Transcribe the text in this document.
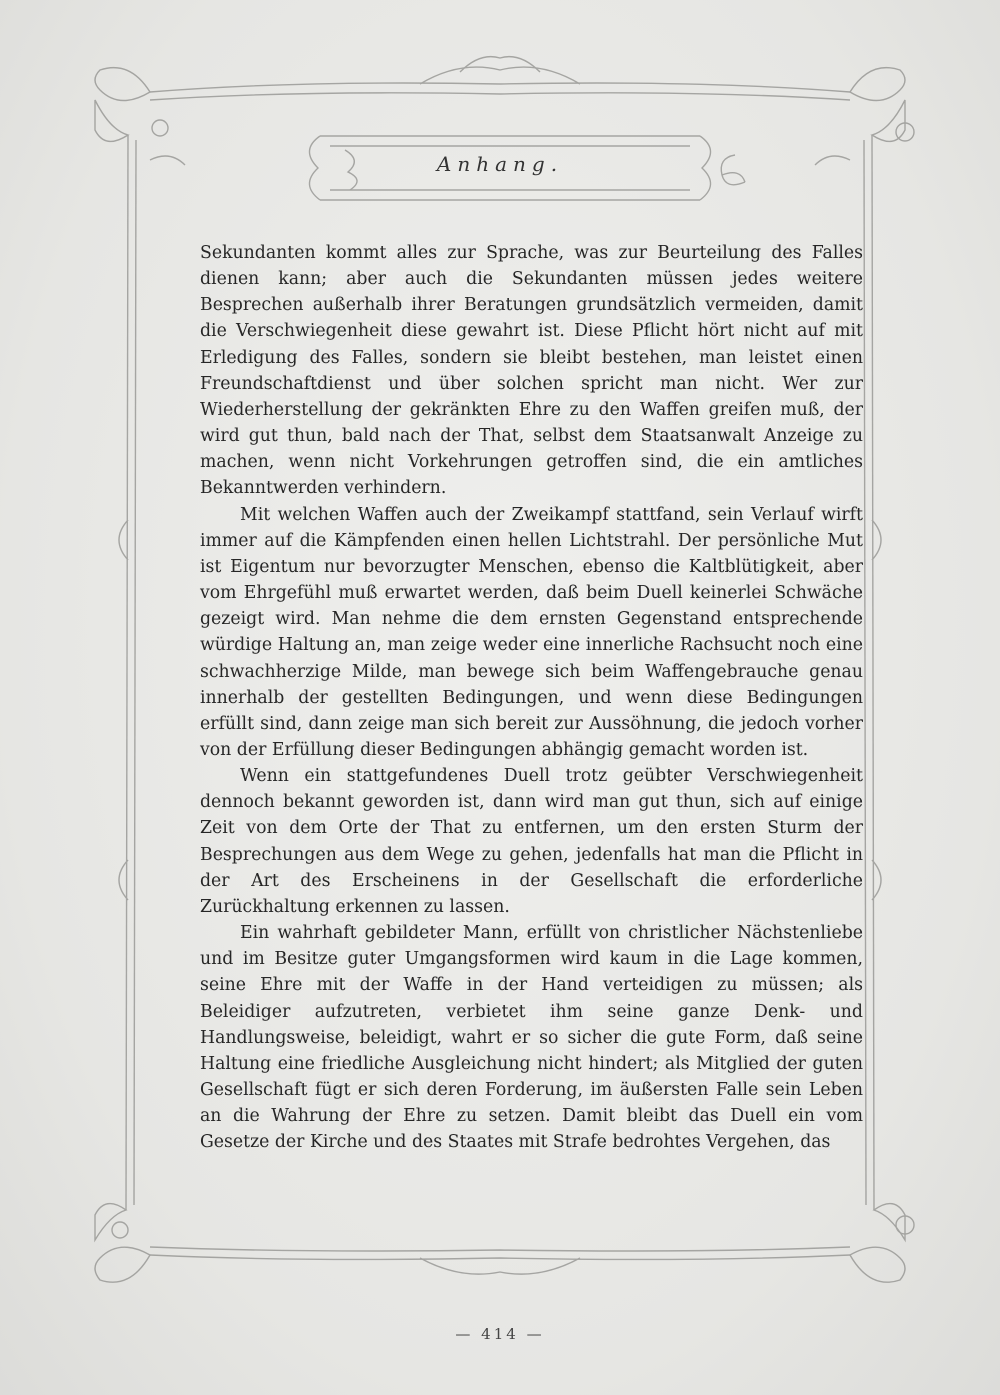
Anhang.

Sekundanten kommt alles zur Sprache, was zur Beurteilung des Falles dienen kann; aber auch die Sekundanten müssen jedes weitere Besprechen außerhalb ihrer Beratungen grundsätzlich vermeiden, damit die Verschwiegenheit diese gewahrt ist. Diese Pflicht hört nicht auf mit Erledigung des Falles, sondern sie bleibt bestehen, man leistet einen Freundschaftdienst und über solchen spricht man nicht. Wer zur Wiederherstellung der gekränkten Ehre zu den Waffen greifen muß, der wird gut thun, bald nach der That, selbst dem Staatsanwalt Anzeige zu machen, wenn nicht Vorkehrungen getroffen sind, die ein amtliches Bekanntwerden verhindern.

Mit welchen Waffen auch der Zweikampf stattfand, sein Verlauf wirft immer auf die Kämpfenden einen hellen Lichtstrahl. Der persönliche Mut ist Eigentum nur bevorzugter Menschen, ebenso die Kaltblütigkeit, aber vom Ehrgefühl muß erwartet werden, daß beim Duell keinerlei Schwäche gezeigt wird. Man nehme die dem ernsten Gegenstand entsprechende würdige Haltung an, man zeige weder eine innerliche Rachsucht noch eine schwachherzige Milde, man bewege sich beim Waffengebrauche genau innerhalb der gestellten Bedingungen, und wenn diese Bedingungen erfüllt sind, dann zeige man sich bereit zur Aussöhnung, die jedoch vorher von der Erfüllung dieser Bedingungen abhängig gemacht worden ist.

Wenn ein stattgefundenes Duell trotz geübter Verschwiegenheit dennoch bekannt geworden ist, dann wird man gut thun, sich auf einige Zeit von dem Orte der That zu entfernen, um den ersten Sturm der Besprechungen aus dem Wege zu gehen, jedenfalls hat man die Pflicht in der Art des Erscheinens in der Gesellschaft die erforderliche Zurückhaltung erkennen zu lassen.

Ein wahrhaft gebildeter Mann, erfüllt von christlicher Nächstenliebe und im Besitze guter Umgangsformen wird kaum in die Lage kommen, seine Ehre mit der Waffe in der Hand verteidigen zu müssen; als Beleidiger aufzutreten, verbietet ihm seine ganze Denk- und Handlungsweise, beleidigt, wahrt er so sicher die gute Form, daß seine Haltung eine friedliche Ausgleichung nicht hindert; als Mitglied der guten Gesellschaft fügt er sich deren Forderung, im äußersten Falle sein Leben an die Wahrung der Ehre zu setzen. Damit bleibt das Duell ein vom Gesetze der Kirche und des Staates mit Strafe bedrohtes Vergehen, das

— 414 —
